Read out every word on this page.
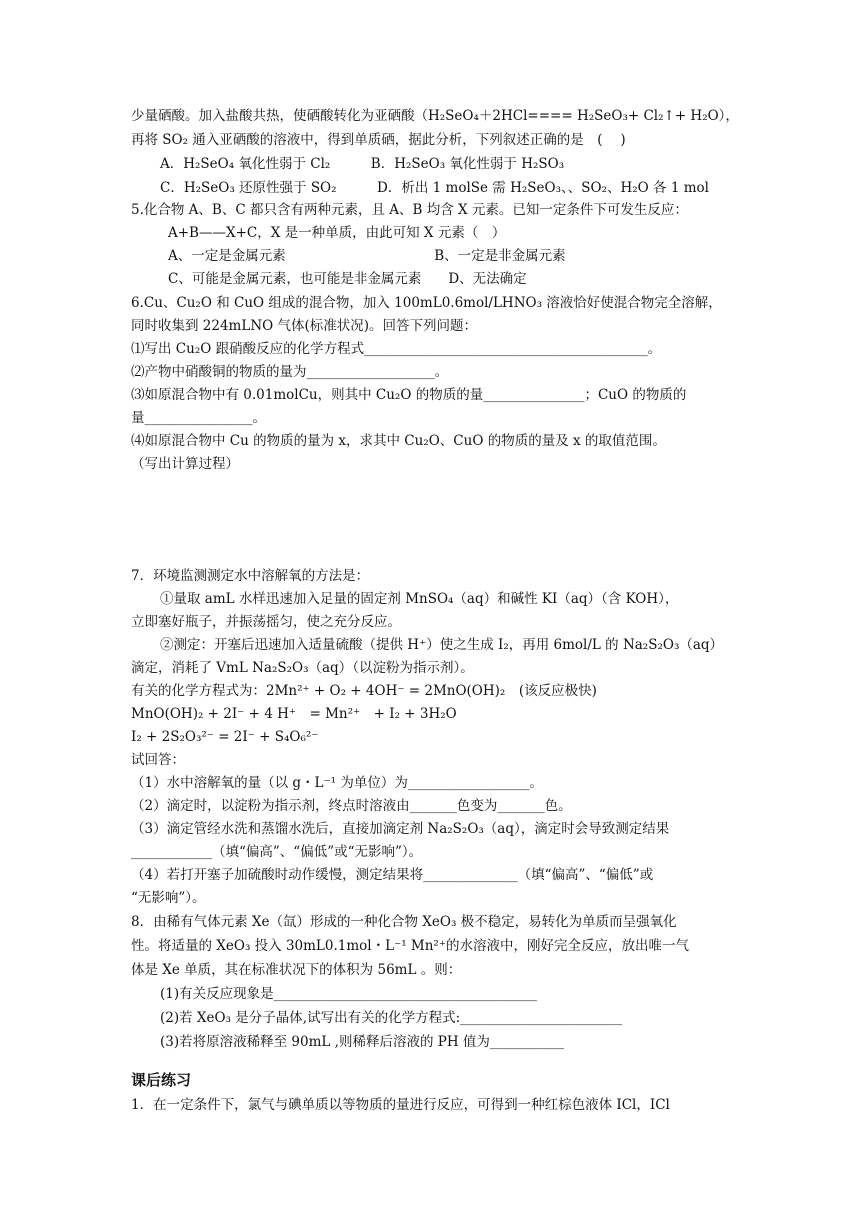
少量硒酸。加入盐酸共热，使硒酸转化为亚硒酸（H₂SeO₄＋2HCl==== H₂SeO₃+ Cl₂↑+ H₂O），
再将 SO₂ 通入亚硒酸的溶液中，得到单质硒，据此分析，下列叙述正确的是　(　 )
A．H₂SeO₄ 氧化性弱于 Cl₂　　　B．H₂SeO₃ 氧化性弱于 H₂SO₃
C．H₂SeO₃ 还原性强于 SO₂　　　D．析出 1 molSe 需 H₂SeO₃、、SO₂、H₂O 各 1 mol
5.化合物 A、B、C 都只含有两种元素，且 A、B 均含 X 元素。已知一定条件下可发生反应：
A+B——X+C，X 是一种单质，由此可知 X 元素（　）
A、一定是金属元素　　　　　　　　　　　B、一定是非金属元素
C、可能是金属元素，也可能是非金属元素　　D、无法确定
6.Cu、Cu₂O 和 CuO 组成的混合物，加入 100mL0.6mol/LHNO₃ 溶液恰好使混合物完全溶解，
同时收集到 224mLNO 气体(标准状况)。回答下列问题：
⑴写出 Cu₂O 跟硝酸反应的化学方程式__________________________________________。
⑵产物中硝酸铜的物质的量为___________________。
⑶如原混合物中有 0.01molCu，则其中 Cu₂O 的物质的量_______________；CuO 的物质的
量________________。
⑷如原混合物中 Cu 的物质的量为 x，求其中 Cu₂O、CuO 的物质的量及 x 的取值范围。
（写出计算过程）
7．环境监测测定水中溶解氧的方法是：
①量取 amL 水样迅速加入足量的固定剂 MnSO₄（aq）和碱性 KI（aq）（含 KOH），
立即塞好瓶子，并振荡摇匀，使之充分反应。
②测定：开塞后迅速加入适量硫酸（提供 H⁺）使之生成 I₂，再用 6mol/L 的 Na₂S₂O₃（aq）
滴定，消耗了 VmL Na₂S₂O₃（aq）（以淀粉为指示剂）。
有关的化学方程式为：2Mn²⁺ + O₂ + 4OH⁻ = 2MnO(OH)₂　(该反应极快)
MnO(OH)₂ + 2I⁻ + 4 H⁺　= Mn²⁺　+ I₂ + 3H₂O
I₂ + 2S₂O₃²⁻ = 2I⁻ + S₄O₆²⁻
试回答：
（1）水中溶解氧的量（以 g・L⁻¹ 为单位）为__________________。
（2）滴定时，以淀粉为指示剂，终点时溶液由_______色变为_______色。
（3）滴定管经水洗和蒸馏水洗后，直接加滴定剂 Na₂S₂O₃（aq），滴定时会导致测定结果
____________（填“偏高”、“偏低”或“无影响”）。
（4）若打开塞子加硫酸时动作缓慢，测定结果将______________（填“偏高”、“偏低”或
“无影响”）。
8．由稀有气体元素 Xe（氙）形成的一种化合物 XeO₃ 极不稳定，易转化为单质而呈强氧化
性。将适量的 XeO₃ 投入 30mL0.1mol・L⁻¹ Mn²⁺的水溶液中，刚好完全反应，放出唯一气
体是 Xe 单质，其在标准状况下的体积为 56mL 。则：
(1)有关反应现象是_______________________________________
(2)若 XeO₃ 是分子晶体,试写出有关的化学方程式:________________________
(3)若将原溶液稀释至 90mL ,则稀释后溶液的 PH 值为___________
课后练习
1．在一定条件下，氯气与碘单质以等物质的量进行反应，可得到一种红棕色液体 ICl，ICl
